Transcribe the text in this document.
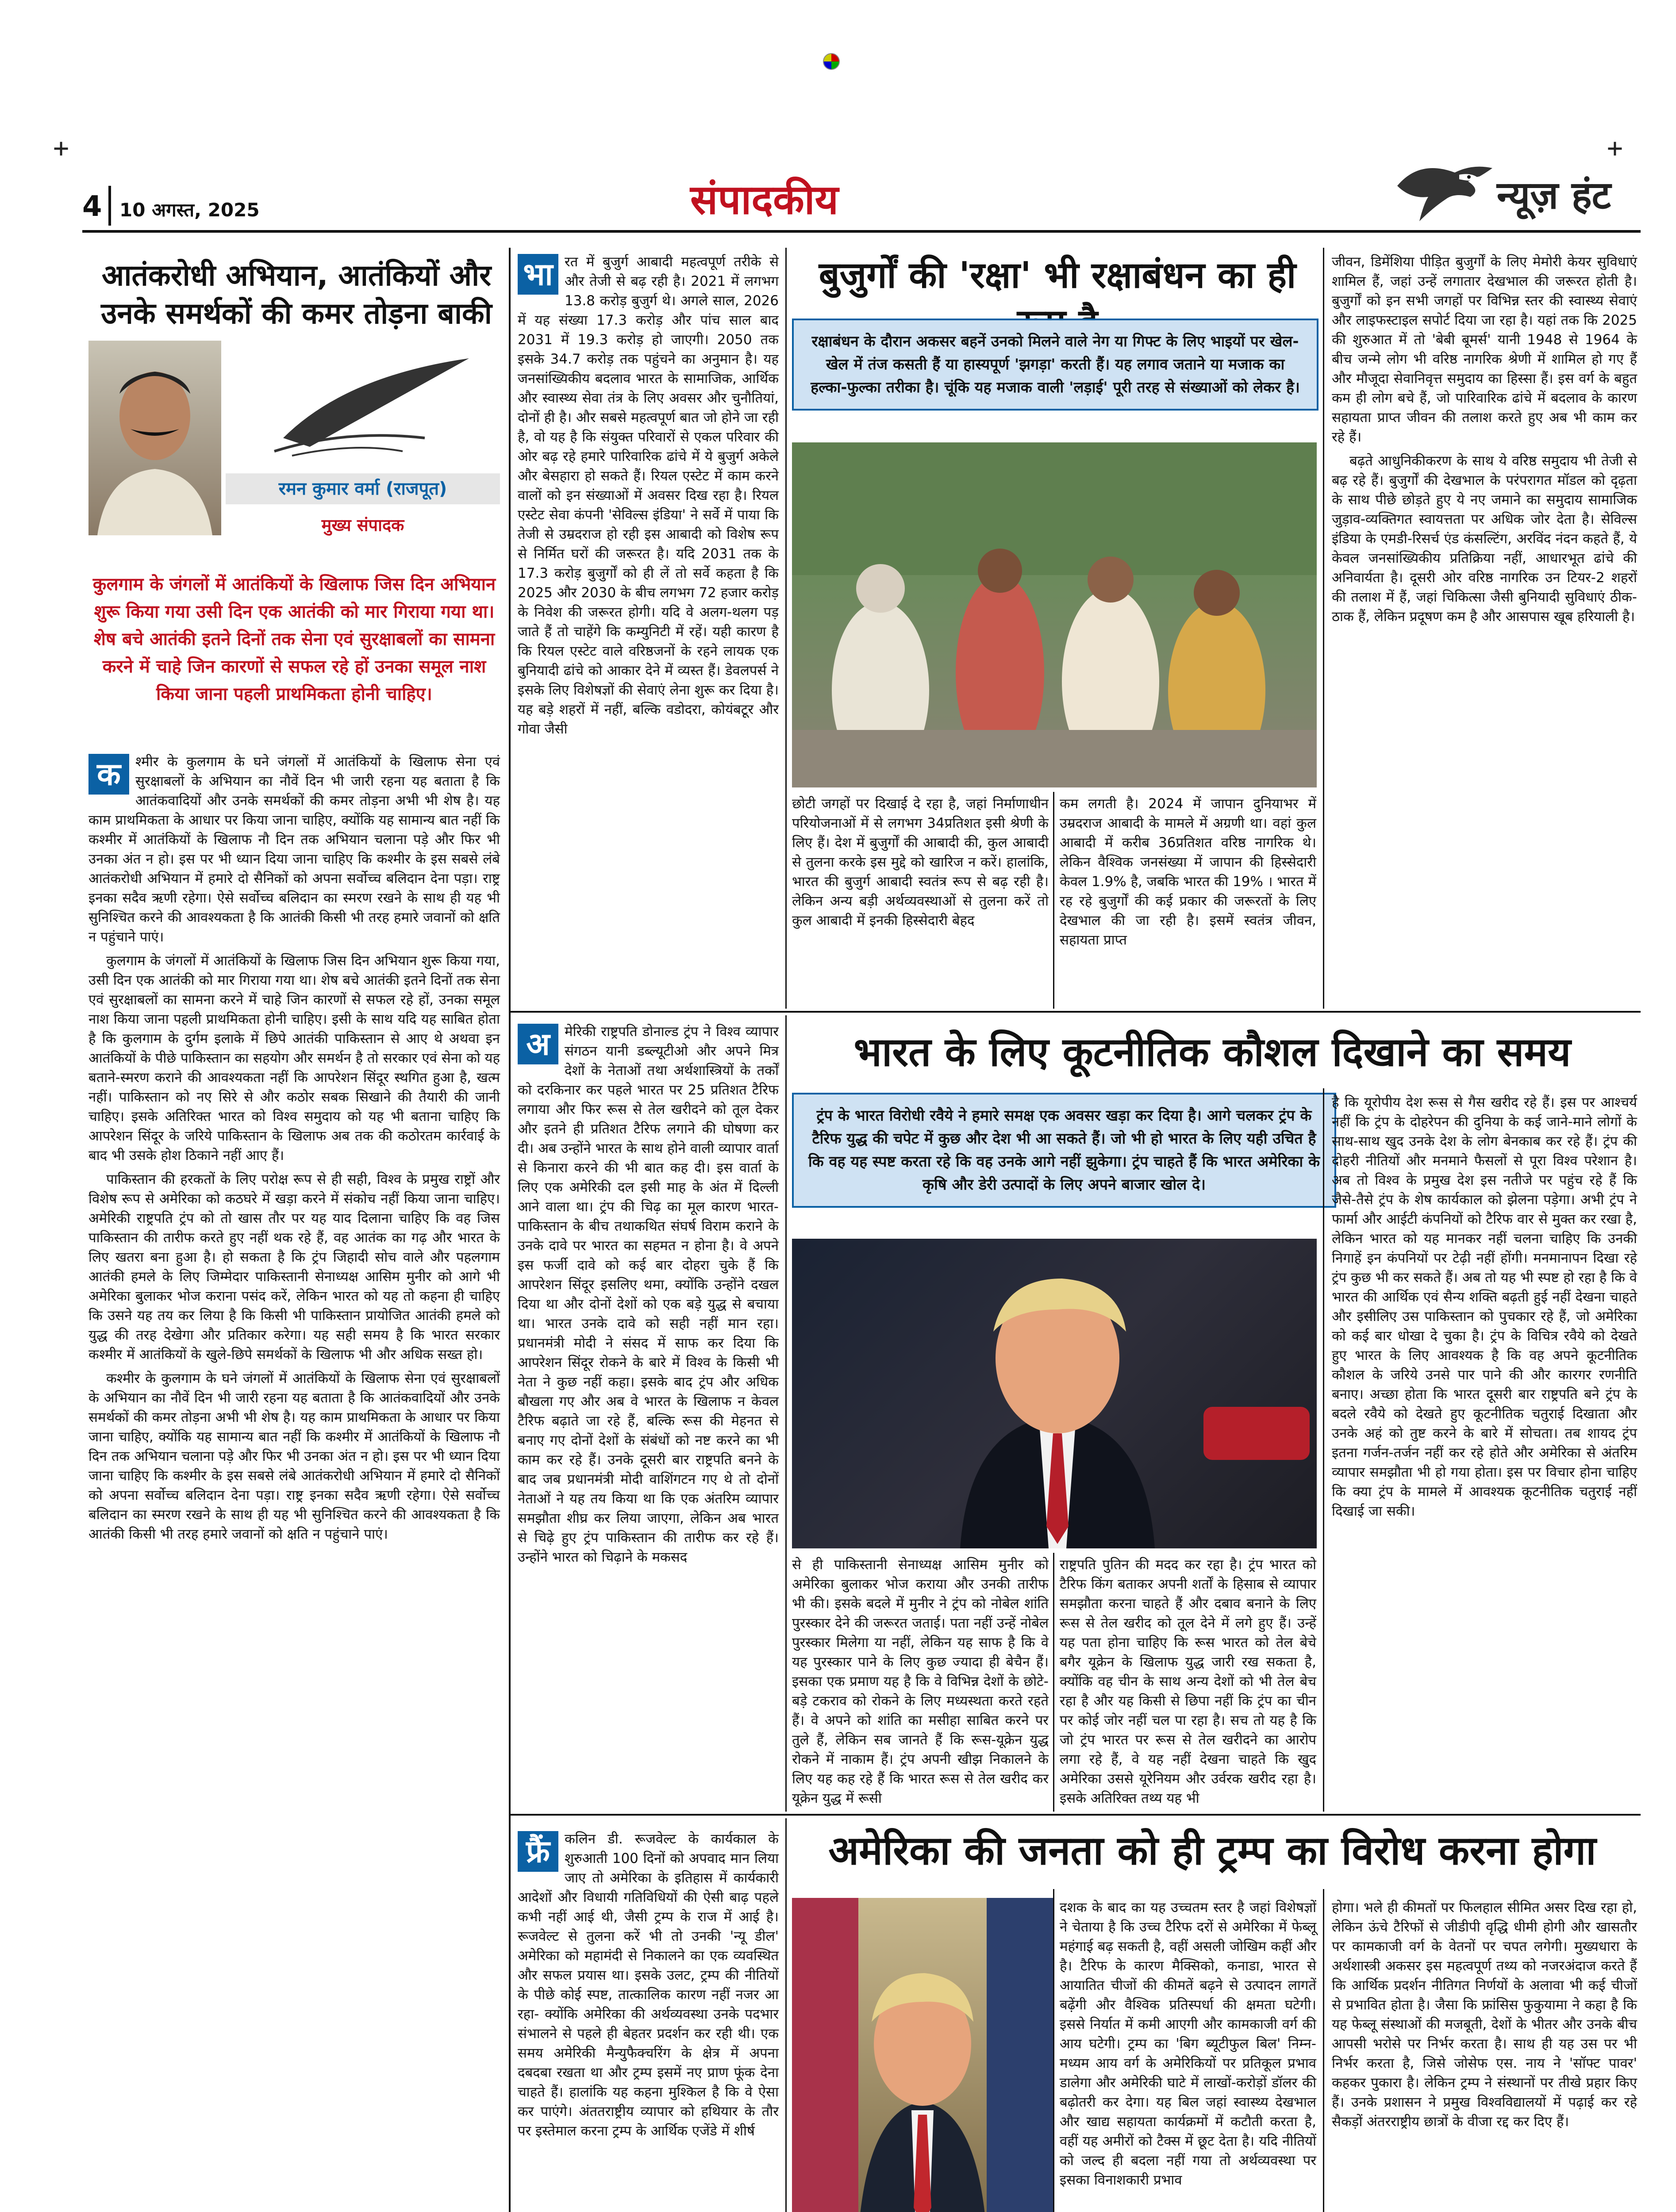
+	+
4 10 अगस्त, 2025	संपादकीय	न्यूज़ हंट
आतंकरोधी अभियान, आतंकियों और उनके समर्थकों की कमर तोड़ना बाकी
रमन कुमार वर्मा (राजपूत)
मुख्य संपादक
कुलगाम के जंगलों में आतंकियों के खिलाफ जिस दिन अभियान शुरू किया गया उसी दिन एक आतंकी को मार गिराया गया था। शेष बचे आतंकी इतने दिनों तक सेना एवं सुरक्षाबलों का सामना करने में चाहे जिन कारणों से सफल रहे हों उनका समूल नाश किया जाना पहली प्राथमिकता होनी चाहिए।

क	श्मीर के कुलगाम के घने जंगलों में आतंकियों के खिलाफ सेना एवं सुरक्षाबलों के अभियान का नौवें दिन भी जारी रहना यह बताता है कि आतंकवादियों और उनके समर्थकों की कमर तोड़ना अभी भी शेष है। यह काम प्राथमिकता के आधार पर किया जाना चाहिए, क्योंकि यह सामान्य बात नहीं कि कश्मीर में आतंकियों के खिलाफ नौ दिन तक अभियान चलाना पड़े और फिर भी उनका अंत न हो। इस पर भी ध्यान दिया जाना चाहिए कि कश्मीर के इस सबसे लंबे आतंकरोधी अभियान में हमारे दो सैनिकों को अपना सर्वोच्च बलिदान देना पड़ा। राष्ट्र इनका सदैव ऋणी रहेगा। ऐसे सर्वोच्च बलिदान का स्मरण रखने के साथ ही यह भी सुनिश्चित करने की आवश्यकता है कि आतंकी किसी भी तरह हमारे जवानों को क्षति न पहुंचाने पाएं।

कुलगाम के जंगलों में आतंकियों के खिलाफ जिस दिन अभियान शुरू किया गया, उसी दिन एक आतंकी को मार गिराया गया था। शेष बचे आतंकी इतने दिनों तक सेना एवं सुरक्षाबलों का सामना करने में चाहे जिन कारणों से सफल रहे हों, उनका समूल नाश किया जाना पहली प्राथमिकता होनी चाहिए। इसी के साथ यदि यह साबित होता है कि कुलगाम के दुर्गम इलाके में छिपे आतंकी पाकिस्तान से आए थे अथवा इन आतंकियों के पीछे पाकिस्तान का सहयोग और समर्थन है तो सरकार एवं सेना को यह बताने-स्मरण कराने की आवश्यकता नहीं कि आपरेशन सिंदूर स्थगित हुआ है, खत्म नहीं। पाकिस्तान को नए सिरे से और कठोर सबक सिखाने की तैयारी की जानी चाहिए। इसके अतिरिक्त भारत को विश्व समुदाय को यह भी बताना चाहिए कि आपरेशन सिंदूर के जरिये पाकिस्तान के खिलाफ अब तक की कठोरतम कार्रवाई के बाद भी उसके होश ठिकाने नहीं आए हैं।

पाकिस्तान की हरकतों के लिए परोक्ष रूप से ही सही, विश्व के प्रमुख राष्ट्रों और विशेष रूप से अमेरिका को कठघरे में खड़ा करने में संकोच नहीं किया जाना चाहिए। अमेरिकी राष्ट्रपति ट्रंप को तो खास तौर पर यह याद दिलाना चाहिए कि वह जिस पाकिस्तान की तारीफ करते हुए नहीं थक रहे हैं, वह आतंक का गढ़ और भारत के लिए खतरा बना हुआ है। हो सकता है कि ट्रंप जिहादी सोच वाले और पहलगाम आतंकी हमले के लिए जिम्मेदार पाकिस्तानी सेनाध्यक्ष आसिम मुनीर को आगे भी अमेरिका बुलाकर भोज कराना पसंद करें, लेकिन भारत को यह तो कहना ही चाहिए कि उसने यह तय कर लिया है कि किसी भी पाकिस्तान प्रायोजित आतंकी हमले को युद्ध की तरह देखेगा और प्रतिकार करेगा। यह सही समय है कि भारत सरकार कश्मीर में आतंकियों के खुले-छिपे समर्थकों के खिलाफ भी और अधिक सख्त हो।

कश्मीर के कुलगाम के घने जंगलों में आतंकियों के खिलाफ सेना एवं सुरक्षाबलों के अभियान का नौवें दिन भी जारी रहना यह बताता है कि आतंकवादियों और उनके समर्थकों की कमर तोड़ना अभी भी शेष है। यह काम प्राथमिकता के आधार पर किया जाना चाहिए, क्योंकि यह सामान्य बात नहीं कि कश्मीर में आतंकियों के खिलाफ नौ दिन तक अभियान चलाना पड़े और फिर भी उनका अंत न हो। इस पर भी ध्यान दिया जाना चाहिए कि कश्मीर के इस सबसे लंबे आतंकरोधी अभियान में हमारे दो सैनिकों को अपना सर्वोच्च बलिदान देना पड़ा। राष्ट्र इनका सदैव ऋणी रहेगा। ऐसे सर्वोच्च बलिदान का स्मरण रखने के साथ ही यह भी सुनिश्चित करने की आवश्यकता है कि आतंकी किसी भी तरह हमारे जवानों को क्षति न पहुंचाने पाएं।

भा रत में बुजुर्ग आबादी महत्वपूर्ण तरीके से और तेजी से बढ़ रही है। 2021 में लगभग 13.8 करोड़ बुजुर्ग थे। अगले साल, 2026 में यह संख्या 17.3 करोड़ और पांच साल बाद 2031 में 19.3 करोड़ हो जाएगी। 2050 तक इसके 34.7 करोड़ तक पहुंचने का अनुमान है। यह जनसांख्यिकीय बदलाव भारत के सामाजिक, आर्थिक और स्वास्थ्य सेवा तंत्र के लिए अवसर और चुनौतियां, दोनों ही है। और सबसे महत्वपूर्ण बात जो होने जा रही है, वो यह है कि संयुक्त परिवारों से एकल परिवार की ओर बढ़ रहे हमारे पारिवारिक ढांचे में ये बुजुर्ग अकेले और बेसहारा हो सकते हैं। रियल एस्टेट में काम करने वालों को इन संख्याओं में अवसर दिख रहा है। रियल एस्टेट सेवा कंपनी 'सेविल्स इंडिया' ने सर्वे में पाया कि तेजी से उम्रदराज हो रही इस आबादी को विशेष रूप से निर्मित घरों की जरूरत है। यदि 2031 तक के 17.3 करोड़ बुजुर्गों को ही लें तो सर्वे कहता है कि 2025 और 2030 के बीच लगभग 72 हजार करोड़ के निवेश की जरूरत होगी। यदि वे अलग-थलग पड़ जाते हैं तो चाहेंगे कि कम्युनिटी में रहें। यही कारण है कि रियल एस्टेट वाले वरिष्ठजनों के रहने लायक एक बुनियादी ढांचे को आकार देने में व्यस्त हैं। डेवलपर्स ने इसके लिए विशेषज्ञों की सेवाएं लेना शुरू कर दिया है। यह बड़े शहरों में नहीं, बल्कि वडोदरा, कोयंबटूर और गोवा जैसी

बुजुर्गों की 'रक्षा' भी रक्षाबंधन का ही
रक्षाबंधन के दौरान अकसर बहनें उनको मिलने वाले नेग या गिफ्ट के लिए भाइयों पर खेल-खेल में तंज कसती हैं या हास्यपूर्ण 'झगड़ा' करती हैं। यह लगाव जताने या मजाक का हल्का-फुल्का तरीका है। चूंकि यह मजाक वाली 'लड़ाई' पूरी तरह से संख्याओं को लेकर है।
छोटी जगहों पर दिखाई दे रहा है, जहां निर्माणाधीन परियोजनाओं में से लगभग 34प्रतिशत इसी श्रेणी के लिए हैं। देश में बुजुर्गों की आबादी की, कुल आबादी से तुलना करके इस मुद्दे को खारिज न करें। हालांकि, भारत की बुजुर्ग आबादी स्वतंत्र रूप से बढ़ रही है। लेकिन अन्य बड़ी अर्थव्यवस्थाओं से तुलना करें तो कुल आबादी में इनकी हिस्सेदारी बेहद
कम लगती है। 2024 में जापान दुनियाभर में उम्रदराज आबादी के मामले में अग्रणी था। वहां कुल आबादी में करीब 36प्रतिशत वरिष्ठ नागरिक थे। लेकिन वैश्विक जनसंख्या में जापान की हिस्सेदारी केवल 1.9% है, जबकि भारत की 19% । भारत में रह रहे बुजुर्गों की कई प्रकार की जरूरतों के लिए देखभाल की जा रही है। इसमें स्वतंत्र जीवन, सहायता प्राप्त

जीवन, डिमेंशिया पीड़ित बुजुर्गों के लिए मेमोरी केयर सुविधाएं शामिल हैं, जहां उन्हें लगातार देखभाल की जरूरत होती है। बुजुर्गों को इन सभी जगहों पर विभिन्न स्तर की स्वास्थ्य सेवाएं और लाइफस्टाइल सपोर्ट दिया जा रहा है। यहां तक कि 2025 की शुरुआत में तो 'बेबी बूमर्स' यानी 1948 से 1964 के बीच जन्मे लोग भी वरिष्ठ नागरिक श्रेणी में शामिल हो गए हैं और मौजूदा सेवानिवृत्त समुदाय का हिस्सा हैं। इस वर्ग के बहुत कम ही लोग बचे हैं, जो पारिवारिक ढांचे में बदलाव के कारण सहायता प्राप्त जीवन की तलाश करते हुए अब भी काम कर रहे हैं।

बढ़ते आधुनिकीकरण के साथ ये वरिष्ठ समुदाय भी तेजी से बढ़ रहे हैं। बुजुर्गों की देखभाल के परंपरागत मॉडल को दृढ़ता के साथ पीछे छोड़ते हुए ये नए जमाने का समुदाय सामाजिक जुड़ाव-व्यक्तिगत स्वायत्तता पर अधिक जोर देता है। सेविल्स इंडिया के एमडी-रिसर्च एंड कंसल्टिंग, अरविंद नंदन कहते हैं, ये केवल जनसांख्यिकीय प्रतिक्रिया नहीं, आधारभूत ढांचे की अनिवार्यता है। दूसरी ओर वरिष्ठ नागरिक उन टियर-2 शहरों की तलाश में हैं, जहां चिकित्सा जैसी बुनियादी सुविधाएं ठीक-ठाक हैं, लेकिन प्रदूषण कम है और आसपास खूब हरियाली है।

अ	मेरिकी राष्ट्रपति डोनाल्ड ट्रंप ने विश्व व्यापार संगठन यानी डब्ल्यूटीओ और अपने मित्र देशों के नेताओं तथा अर्थशास्त्रियों के तर्कों को दरकिनार कर पहले भारत पर 25 प्रतिशत टैरिफ लगाया और फिर रूस से तेल खरीदने को तूल देकर और इतने ही प्रतिशत टैरिफ लगाने की घोषणा कर दी। अब उन्होंने भारत के साथ होने वाली व्यापार वार्ता से किनारा करने की भी बात कह दी। इस वार्ता के लिए एक अमेरिकी दल इसी माह के अंत में दिल्ली आने वाला था। ट्रंप की चिढ़ का मूल कारण भारत-पाकिस्तान के बीच तथाकथित संघर्ष विराम कराने के उनके दावे पर भारत का सहमत न होना है। वे अपने इस फर्जी दावे को कई बार दोहरा चुके हैं कि आपरेशन सिंदूर इसलिए थमा, क्योंकि उन्होंने दखल दिया था और दोनों देशों को एक बड़े युद्ध से बचाया था। भारत उनके दावे को सही नहीं मान रहा। प्रधानमंत्री मोदी ने संसद में साफ कर दिया कि आपरेशन सिंदूर रोकने के बारे में विश्व के किसी भी नेता ने कुछ नहीं कहा। इसके बाद ट्रंप और अधिक बौखला गए और अब वे भारत के खिलाफ न केवल टैरिफ बढ़ाते जा रहे हैं, बल्कि रूस की मेहनत से बनाए गए दोनों देशों के संबंधों को नष्ट करने का भी काम कर रहे हैं। उनके दूसरी बार राष्ट्रपति बनने के बाद जब प्रधानमंत्री मोदी वाशिंगटन गए थे तो दोनों नेताओं ने यह तय किया था कि एक अंतरिम व्यापार समझौता शीघ्र कर लिया जाएगा, लेकिन अब भारत से चिढ़े हुए ट्रंप पाकिस्तान की तारीफ कर रहे हैं। उन्होंने भारत को चिढ़ाने के मकसद

भारत के लिए कूटनीतिक कौशल दिखाने का समय
ट्रंप के भारत विरोधी रवैये ने हमारे समक्ष एक अवसर खड़ा कर दिया है। आगे चलकर ट्रंप के टैरिफ युद्ध की चपेट में कुछ और देश भी आ सकते हैं। जो भी हो भारत के लिए यही उचित है कि वह यह स्पष्ट करता रहे कि वह उनके आगे नहीं झुकेगा। ट्रंप चाहते हैं कि भारत अमेरिका के कृषि और डेरी उत्पादों के लिए अपने बाजार खोल दे।
से ही पाकिस्तानी सेनाध्यक्ष आसिम मुनीर को अमेरिका बुलाकर भोज कराया और उनकी तारीफ भी की। इसके बदले में मुनीर ने ट्रंप को नोबेल शांति पुरस्कार देने की जरूरत जताई। पता नहीं उन्हें नोबेल पुरस्कार मिलेगा या नहीं, लेकिन यह साफ है कि वे यह पुरस्कार पाने के लिए कुछ ज्यादा ही बेचैन हैं। इसका एक प्रमाण यह है कि वे विभिन्न देशों के छोटे-बड़े टकराव को रोकने के लिए मध्यस्थता करते रहते हैं। वे अपने को शांति का मसीहा साबित करने पर तुले हैं, लेकिन सब जानते हैं कि रूस-यूक्रेन युद्ध रोकने में नाकाम हैं। ट्रंप अपनी खीझ निकालने के लिए यह कह रहे हैं कि भारत रूस से तेल खरीद कर यूक्रेन युद्ध में रूसी
राष्ट्रपति पुतिन की मदद कर रहा है। ट्रंप भारत को टैरिफ किंग बताकर अपनी शर्तों के हिसाब से व्यापार समझौता करना चाहते हैं और दबाव बनाने के लिए रूस से तेल खरीद को तूल देने में लगे हुए हैं। उन्हें यह पता होना चाहिए कि रूस भारत को तेल बेचे बगैर यूक्रेन के खिलाफ युद्ध जारी रख सकता है, क्योंकि वह चीन के साथ अन्य देशों को भी तेल बेच रहा है और यह किसी से छिपा नहीं कि ट्रंप का चीन पर कोई जोर नहीं चल पा रहा है। सच तो यह है कि जो ट्रंप भारत पर रूस से तेल खरीदने का आरोप लगा रहे हैं, वे यह नहीं देखना चाहते कि खुद अमेरिका उससे यूरेनियम और उर्वरक खरीद रहा है। इसके अतिरिक्त तथ्य यह भी
है कि यूरोपीय देश रूस से गैस खरीद रहे हैं। इस पर आश्चर्य नहीं कि ट्रंप के दोहरेपन की दुनिया के कई जाने-माने लोगों के साथ-साथ खुद उनके देश के लोग बेनकाब कर रहे हैं। ट्रंप की दोहरी नीतियों और मनमाने फैसलों से पूरा विश्व परेशान है। अब तो विश्व के प्रमुख देश इस नतीजे पर पहुंच रहे हैं कि जैसे-तैसे ट्रंप के शेष कार्यकाल को झेलना पड़ेगा। अभी ट्रंप ने फार्मा और आईटी कंपनियों को टैरिफ वार से मुक्त कर रखा है, लेकिन भारत को यह मानकर नहीं चलना चाहिए कि उनकी निगाहें इन कंपनियों पर टेढ़ी नहीं होंगी। मनमानापन दिखा रहे ट्रंप कुछ भी कर सकते हैं। अब तो यह भी स्पष्ट हो रहा है कि वे भारत की आर्थिक एवं सैन्य शक्ति बढ़ती हुई नहीं देखना चाहते और इसीलिए उस पाकिस्तान को पुचकार रहे हैं, जो अमेरिका को कई बार धोखा दे चुका है। ट्रंप के विचित्र रवैये को देखते हुए भारत के लिए आवश्यक है कि वह अपने कूटनीतिक कौशल के जरिये उनसे पार पाने की और कारगर रणनीति बनाए। अच्छा होता कि भारत दूसरी बार राष्ट्रपति बने ट्रंप के बदले रवैये को देखते हुए कूटनीतिक चतुराई दिखाता और उनके अहं को तुष्ट करने के बारे में सोचता। तब शायद ट्रंप इतना गर्जन-तर्जन नहीं कर रहे होते और अमेरिका से अंतरिम व्यापार समझौता भी हो गया होता। इस पर विचार होना चाहिए कि क्या ट्रंप के मामले में आवश्यक कूटनीतिक चतुराई नहीं दिखाई जा सकी।
अमेरिका की जनता को ही ट्रम्प का विरोध करना होगा

फ्रैं	कलिन डी. रूजवेल्ट के कार्यकाल के शुरुआती 100 दिनों को अपवाद मान लिया जाए तो अमेरिका के इतिहास में कार्यकारी आदेशों और विधायी गतिविधियों की ऐसी बाढ़ पहले कभी नहीं आई थी, जैसी ट्रम्प के राज में आई है। रूजवेल्ट से तुलना करें भी तो उनकी 'न्यू डील' अमेरिका को महामंदी से निकालने का एक व्यवस्थित और सफल प्रयास था। इसके उलट, ट्रम्प की नीतियों के पीछे कोई स्पष्ट, तात्कालिक कारण नहीं नजर आ रहा- क्योंकि अमेरिका की अर्थव्यवस्था उनके पदभार संभालने से पहले ही बेहतर प्रदर्शन कर रही थी। एक समय अमेरिकी मैन्युफैक्चरिंग के क्षेत्र में अपना दबदबा रखता था और ट्रम्प इसमें नए प्राण फूंक देना चाहते हैं। हालांकि यह कहना मुश्किल है कि वे ऐसा कर पाएंगे। अंततराष्ट्रीय व्यापार को हथियार के तौर पर इस्तेमाल करना ट्रम्प के आर्थिक एजेंडे में शीर्ष

दशक के बाद का यह उच्चतम स्तर है जहां विशेषज्ञों ने चेताया है कि उच्च टैरिफ दरों से अमेरिका में फेब्लू महंगाई बढ़ सकती है, वहीं असली जोखिम कहीं और है। टैरिफ के कारण मैक्सिको, कनाडा, भारत से आयातित चीजों की कीमतें बढ़ने से उत्पादन लागतें बढ़ेंगी और वैश्विक प्रतिस्पर्धा की क्षमता घटेगी। इससे निर्यात में कमी आएगी और कामकाजी वर्ग की आय घटेगी। ट्रम्प का 'बिग ब्यूटीफुल बिल' निम्न-मध्यम आय वर्ग के अमेरिकियों पर प्रतिकूल प्रभाव डालेगा और अमेरिकी घाटे में लाखों-करोड़ों डॉलर की बढ़ोतरी कर देगा। यह बिल जहां स्वास्थ्य देखभाल और खाद्य सहायता कार्यक्रमों में कटौती करता है, वहीं यह अमीरों को टैक्स में छूट देता है। यदि नीतियों को जल्द ही बदला नहीं गया तो अर्थव्यवस्था पर इसका विनाशकारी प्रभाव
होगा। भले ही कीमतों पर फिलहाल सीमित असर दिख रहा हो, लेकिन ऊंचे टैरिफों से जीडीपी वृद्धि धीमी होगी और खासतौर पर कामकाजी वर्ग के वेतनों पर चपत लगेगी। मुख्यधारा के अर्थशास्त्री अकसर इस महत्वपूर्ण तथ्य को नजरअंदाज करते हैं कि आर्थिक प्रदर्शन नीतिगत निर्णयों के अलावा भी कई चीजों से प्रभावित होता है। जैसा कि फ्रांसिस फुकुयामा ने कहा है कि यह फेब्लू संस्थाओं की मजबूती, देशों के भीतर और उनके बीच आपसी भरोसे पर निर्भर करता है। साथ ही यह उस पर भी निर्भर करता है, जिसे जोसेफ एस. नाय ने 'सॉफ्ट पावर' कहकर पुकारा है। लेकिन ट्रम्प ने संस्थानों पर तीखे प्रहार किए हैं। उनके प्रशासन ने प्रमुख विश्वविद्यालयों में पढ़ाई कर रहे सैकड़ों अंतरराष्ट्रीय छात्रों के वीजा रद्द कर दिए हैं।
